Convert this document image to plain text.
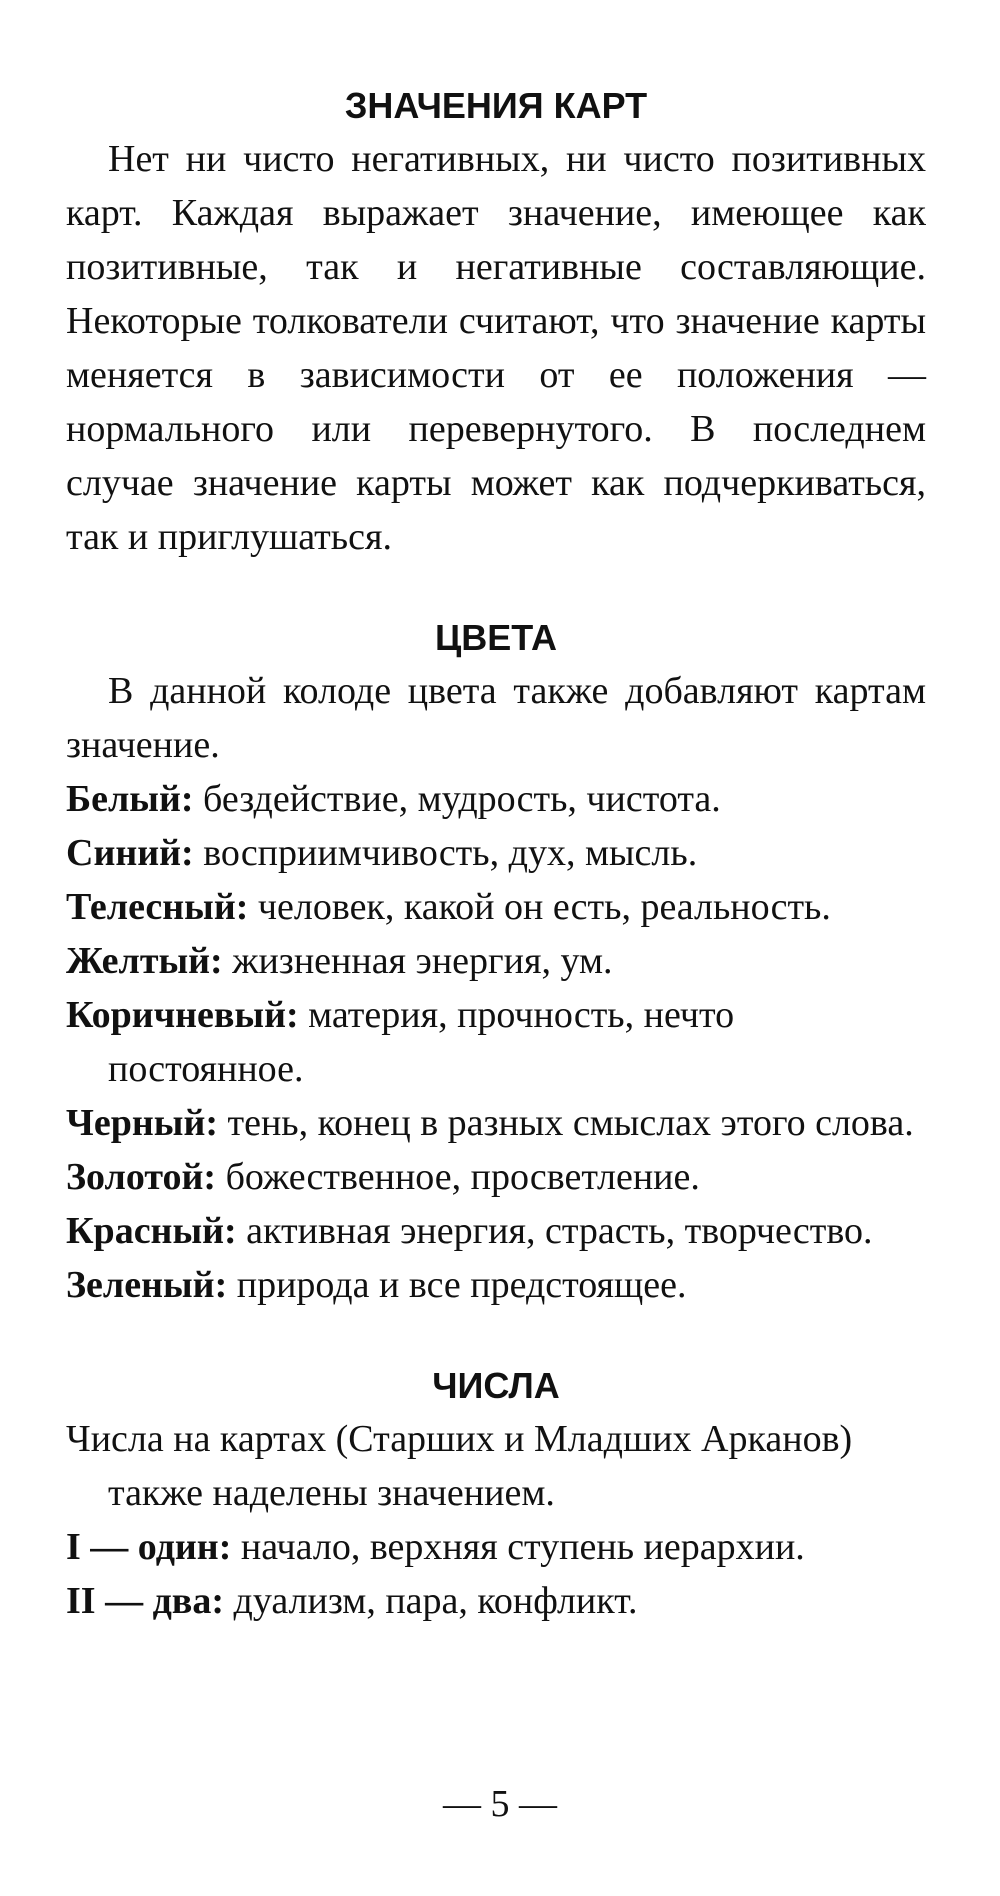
ЗНАЧЕНИЯ КАРТ

Нет ни чисто негативных, ни чисто позитивных карт. Каждая выражает значение, имеющее как позитивные, так и негативные составляющие. Некоторые толкователи считают, что значение карты меняется в зависимости от ее положения — нормального или перевернутого. В последнем случае значение карты может как подчеркиваться, так и приглушаться.

ЦВЕТА

В данной колоде цвета также добавляют картам значение.

Белый: бездействие, мудрость, чистота.

Синий: восприимчивость, дух, мысль.

Телесный: человек, какой он есть, реальность.

Желтый: жизненная энергия, ум.

Коричневый: материя, прочность, нечто постоянное.

Черный: тень, конец в разных смыслах этого слова.

Золотой: божественное, просветление.

Красный: активная энергия, страсть, творчество.

Зеленый: природа и все предстоящее.

ЧИСЛА

Числа на картах (Старших и Младших Арканов) также наделены значением.

I — один: начало, верхняя ступень иерархии.

II — два: дуализм, пара, конфликт.

— 5 —
